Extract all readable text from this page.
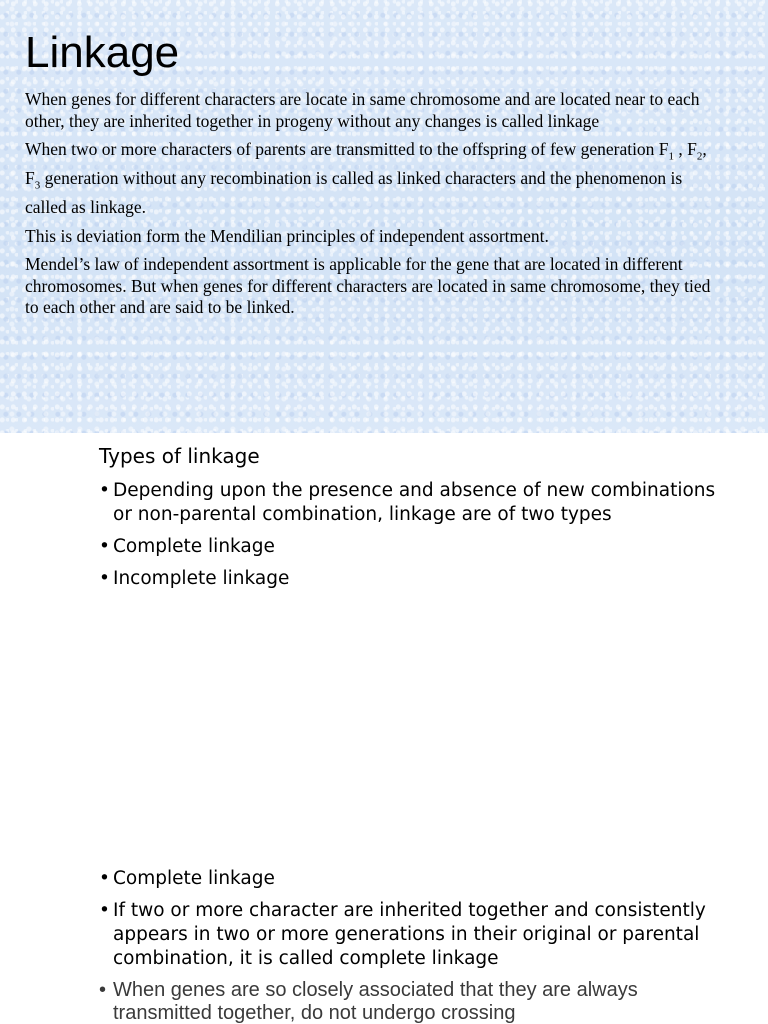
Linkage

When genes for different characters are locate in same chromosome and are located near to each other, they are inherited together in progeny without any changes is called linkage

When two or more characters of parents are transmitted to the offspring of few generation $F_1$ , $F_2$, $F_3$ generation without any recombination is called as linked characters and the phenomenon is called as linkage.

This is deviation form the Mendilian principles of independent assortment.

Mendel’s law of independent assortment is applicable for the gene that are located in different chromosomes. But when genes for different characters are located in same chromosome, they tied to each other and are said to be linked.

Types of linkage
• Depending upon the presence and absence of new combinations or non-parental combination, linkage are of two types
• Complete linkage
• Incomplete linkage
• Complete linkage
• If two or more character are inherited together and consistently appears in two or more generations in their original or parental combination, it is called complete linkage
• When genes are so closely associated that they are always transmitted together, do not undergo crossing
